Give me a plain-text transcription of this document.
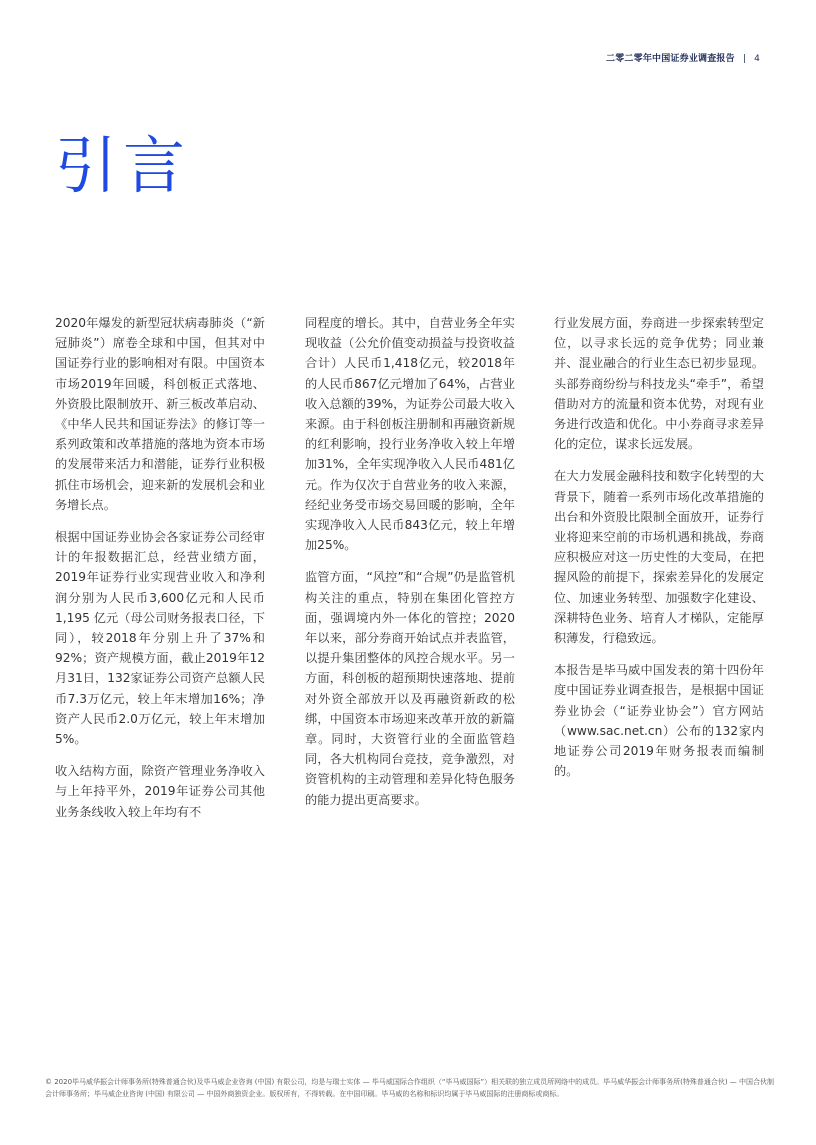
二零二零年中国证券业调查报告 | 4
引言

2020年爆发的新型冠状病毒肺炎（“新冠肺炎”）席卷全球和中国，但其对中国证券行业的影响相对有限。中国资本市场2019年回暖，科创板正式落地、外资股比限制放开、新三板改革启动、《中华人民共和国证券法》的修订等一系列政策和改革措施的落地为资本市场的发展带来活力和潜能，证券行业积极抓住市场机会，迎来新的发展机会和业务增长点。

根据中国证券业协会各家证券公司经审计的年报数据汇总，经营业绩方面，2019年证券行业实现营业收入和净利润分别为人民币3,600亿元和人民币1,195 亿元（母公司财务报表口径，下同），较2018年分别上升了37%和92%；资产规模方面，截止2019年12月31日，132家证券公司资产总额人民币7.3万亿元，较上年末增加16%；净资产人民币2.0万亿元，较上年末增加5%。

收入结构方面，除资产管理业务净收入与上年持平外，2019年证券公司其他业务条线收入较上年均有不

同程度的增长。其中，自营业务全年实现收益（公允价值变动损益与投资收益合计）人民币1,418亿元，较2018年的人民币867亿元增加了64%，占营业收入总额的39%，为证券公司最大收入来源。由于科创板注册制和再融资新规的红利影响，投行业务净收入较上年增加31%，全年实现净收入人民币481亿元。作为仅次于自营业务的收入来源，经纪业务受市场交易回暖的影响，全年实现净收入人民币843亿元，较上年增加25%。

监管方面，“风控”和“合规”仍是监管机构关注的重点，特别在集团化管控方面，强调境内外一体化的管控；2020年以来，部分券商开始试点并表监管，以提升集团整体的风控合规水平。另一方面，科创板的超预期快速落地、提前对外资全部放开以及再融资新政的松绑，中国资本市场迎来改革开放的新篇章。同时，大资管行业的全面监管趋同，各大机构同台竞技，竞争激烈，对资管机构的主动管理和差异化特色服务的能力提出更高要求。

行业发展方面，券商进一步探索转型定位，以寻求长远的竞争优势；同业兼并、混业融合的行业生态已初步显现。头部券商纷纷与科技龙头“牵手”，希望借助对方的流量和资本优势，对现有业务进行改造和优化。中小券商寻求差异化的定位，谋求长远发展。

在大力发展金融科技和数字化转型的大背景下，随着一系列市场化改革措施的出台和外资股比限制全面放开，证券行业将迎来空前的市场机遇和挑战，券商应积极应对这一历史性的大变局，在把握风险的前提下，探索差异化的发展定位、加速业务转型、加强数字化建设、深耕特色业务、培育人才梯队，定能厚积薄发，行稳致远。

本报告是毕马威中国发表的第十四份年度中国证券业调查报告，是根据中国证券业协会（“证券业协会”）官方网站（www.sac.net.cn）公布的132家内地证券公司2019年财务报表而编制的。

© 2020毕马威华振会计师事务所(特殊普通合伙)及毕马威企业咨询 (中国) 有限公司，均是与瑞士实体 — 毕马威国际合作组织（“毕马威国际”）相关联的独立成员所网络中的成员。毕马威华振会计师事务所(特殊普通合伙) — 中国合伙制会计师事务所；毕马威企业咨询 (中国) 有限公司 — 中国外商独资企业。版权所有，不得转载。在中国印刷。毕马威的名称和标识均属于毕马威国际的注册商标或商标。
